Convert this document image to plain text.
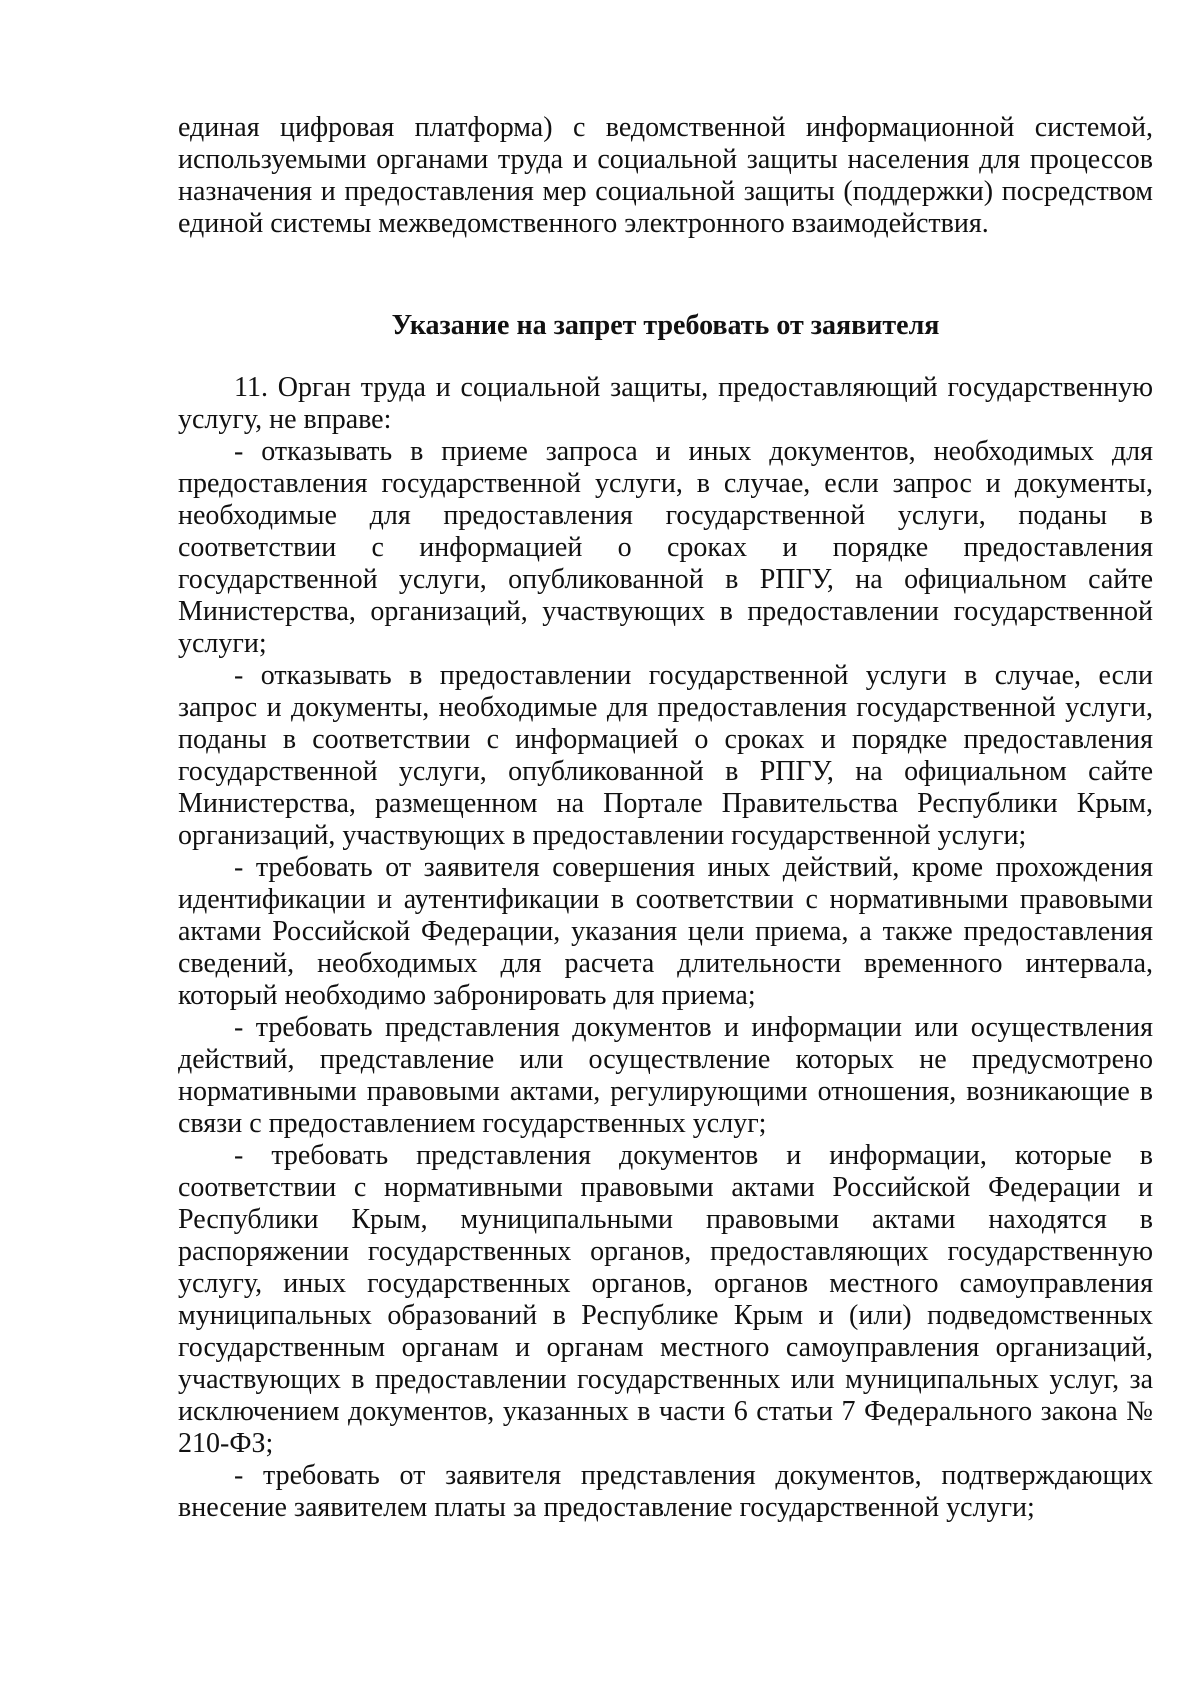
единая цифровая платформа) с ведомственной информационной системой, используемыми органами труда и социальной защиты населения для процессов назначения и предоставления мер социальной защиты (поддержки) посредством единой системы межведомственного электронного взаимодействия.

Указание на запрет требовать от заявителя

11. Орган труда и социальной защиты, предоставляющий государственную услугу, не вправе:

- отказывать в приеме запроса и иных документов, необходимых для предоставления государственной услуги, в случае, если запрос и документы, необходимые для предоставления государственной услуги, поданы в соответствии с информацией о сроках и порядке предоставления государственной услуги, опубликованной в РПГУ, на официальном сайте Министерства, организаций, участвующих в предоставлении государственной услуги;

- отказывать в предоставлении государственной услуги в случае, если запрос и документы, необходимые для предоставления государственной услуги, поданы в соответствии с информацией о сроках и порядке предоставления государственной услуги, опубликованной в РПГУ, на официальном сайте Министерства, размещенном на Портале Правительства Республики Крым, организаций, участвующих в предоставлении государственной услуги;

- требовать от заявителя совершения иных действий, кроме прохождения идентификации и аутентификации в соответствии с нормативными правовыми актами Российской Федерации, указания цели приема, а также предоставления сведений, необходимых для расчета длительности временного интервала, который необходимо забронировать для приема;

- требовать представления документов и информации или осуществления действий, представление или осуществление которых не предусмотрено нормативными правовыми актами, регулирующими отношения, возникающие в связи с предоставлением государственных услуг;

- требовать представления документов и информации, которые в соответствии с нормативными правовыми актами Российской Федерации и Республики Крым, муниципальными правовыми актами находятся в распоряжении государственных органов, предоставляющих государственную услугу, иных государственных органов, органов местного самоуправления муниципальных образований в Республике Крым и (или) подведомственных государственным органам и органам местного самоуправления организаций, участвующих в предоставлении государственных или муниципальных услуг, за исключением документов, указанных в части 6 статьи 7 Федерального закона № 210-ФЗ;

- требовать от заявителя представления документов, подтверждающих внесение заявителем платы за предоставление государственной услуги;
